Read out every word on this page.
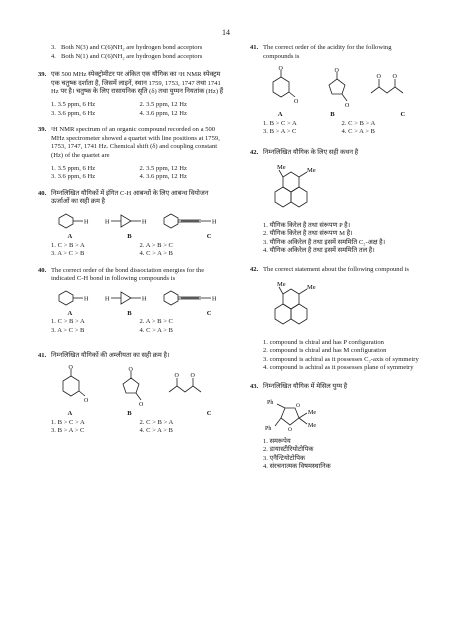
14
3. Both N(3) and C(6)NH₂ are hydrogen bond acceptors
4. Both N(1) and C(6)NH₂ are hydrogen bond acceptors
39. एक 500 MHz स्पेक्ट्रोमीटर पर अंकित एक यौगिक का ¹H NMR स्पेक्ट्रम एक चतुष्क दर्शाता है, जिसमें लाइनें, स्थान 1759, 1753, 1747 तथा 1741 Hz पर है। चतुष्क के लिए रासायनिक सृति (δ) तथा युग्मन नियतांक (Hz) हैं
1. 3.5 ppm, 6 Hz	2. 3.5 ppm, 12 Hz
3. 3.6 ppm, 6 Hz	4. 3.6 ppm, 12 Hz
39. ¹H NMR spectrum of an organic compound recorded on a 500 MHz spectrometer showed a quartet with line positions at 1759, 1753, 1747, 1741 Hz. Chemical shift (δ) and coupling constant (Hz) of the quartet are
1. 3.5 ppm, 6 Hz	2. 3.5 ppm, 12 Hz
3. 3.6 ppm, 6 Hz	4. 3.6 ppm, 12 Hz
40. निम्नलिखित यौगिकों में इंगित C-H आबन्धों के लिए आबन्ध वियोजन ऊर्जाओं का सही क्रम है
H	H	H	H
A	B	C
1. C > B > A	2. A > B > C
3. A > C > B	4. C > A > B
40. The correct order of the bond dissociation energies for the indicated C-H bond in following compounds is
H	H	H	H
A	B	C
1. C > B > A	2. A > B > C
3. A > C > B	4. C > A > B
41. निम्नलिखित यौगिकों की अम्लीयता का सही क्रम है।
O
O
O
O
O O
A	B	C
1. B > C > A	2. C > B > A
3. B > A > C	4. C > A > B
41. The correct order of the acidity for the following compounds is
O
O
O
O
O O
A	B	C
1. B > C > A	2. C > B > A
3. B > A > C	4. C > A > B
42. निम्नलिखित यौगिक के लिए सही कथन है
Me	Me
1. यौगिक किरेल है तथा संरूपण P है।
2. यौगिक किरेल है तथा संरूपण M है।
3. यौगिक अकिरेल है तथा इसमें सममिति C₂-अक्ष है।
4. यौगिक अकिरेल है तथा इसमें सममिति तल है।
42. The correct statement about the following compound is
Me	Me
1. compound is chiral and has P configuration
2. compound is chiral and has M configuration
3. compound is achiral as it possesses C₂-axis of symmetry
4. compound is achiral as it possesses plane of symmetry
43. निम्नलिखित यौगिक में मेसिल युग्म है
Ph
Ph
Me
Me
O
O
1. समरूपेय
2. डायास्टीरियोटोपिक
3. एनैन्टियोटोपिक
4. संरचनात्मक विषमस्थानिक
